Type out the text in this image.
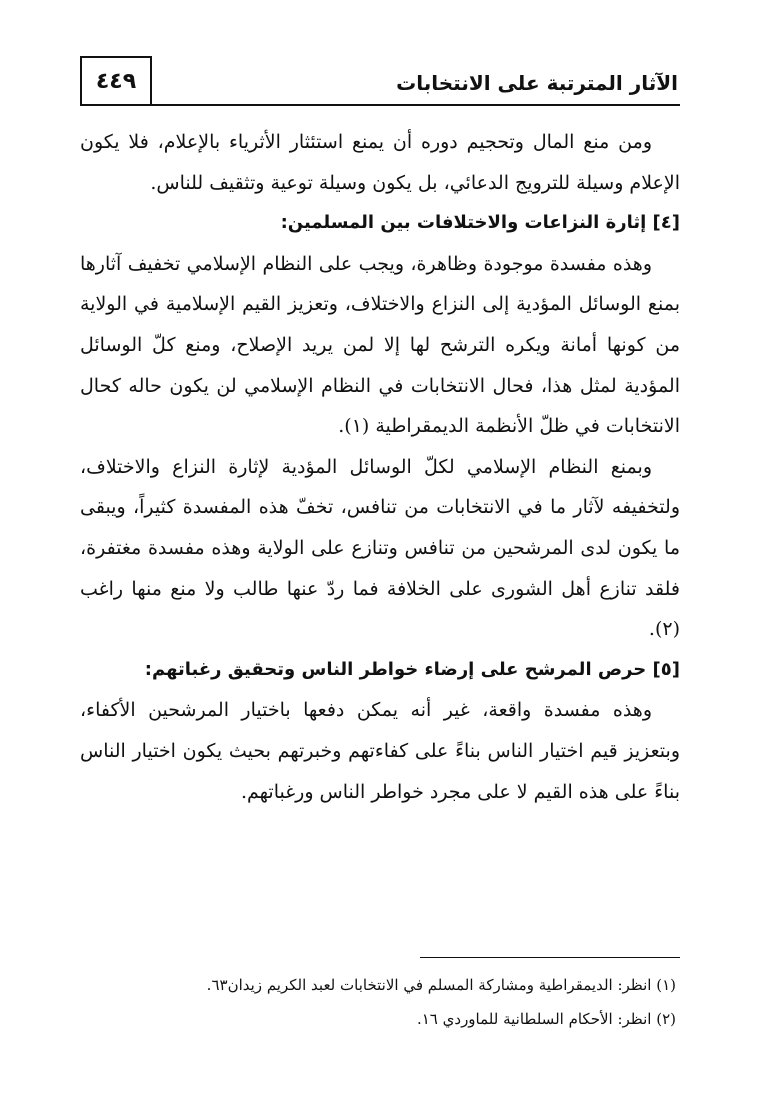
٤٤٩	الآثار المترتبة على الانتخابات

ومن منع المال وتحجيم دوره أن يمنع استئثار الأثرياء بالإعلام، فلا يكون الإعلام وسيلة للترويج الدعائي، بل يكون وسيلة توعية وتثقيف للناس.

[٤] إثارة النزاعات والاختلافات بين المسلمين:

وهذه مفسدة موجودة وظاهرة، ويجب على النظام الإسلامي تخفيف آثارها بمنع الوسائل المؤدية إلى النزاع والاختلاف، وتعزيز القيم الإسلامية في الولاية من كونها أمانة ويكره الترشح لها إلا لمن يريد الإصلاح، ومنع كلّ الوسائل المؤدية لمثل هذا، فحال الانتخابات في النظام الإسلامي لن يكون حاله كحال الانتخابات في ظلّ الأنظمة الديمقراطية (١).

وبمنع النظام الإسلامي لكلّ الوسائل المؤدية لإثارة النزاع والاختلاف، ولتخفيفه لآثار ما في الانتخابات من تنافس، تخفّ هذه المفسدة كثيراً، ويبقى ما يكون لدى المرشحين من تنافس وتنازع على الولاية وهذه مفسدة مغتفرة، فلقد تنازع أهل الشورى على الخلافة فما ردّ عنها طالب ولا منع منها راغب (٢).

[٥] حرص المرشح على إرضاء خواطر الناس وتحقيق رغباتهم:

وهذه مفسدة واقعة، غير أنه يمكن دفعها باختيار المرشحين الأكفاء، وبتعزيز قيم اختيار الناس بناءً على كفاءتهم وخبرتهم بحيث يكون اختيار الناس بناءً على هذه القيم لا على مجرد خواطر الناس ورغباتهم.

(١) انظر: الديمقراطية ومشاركة المسلم في الانتخابات لعبد الكريم زيدان٦٣.

(٢) انظر: الأحكام السلطانية للماوردي ١٦.
